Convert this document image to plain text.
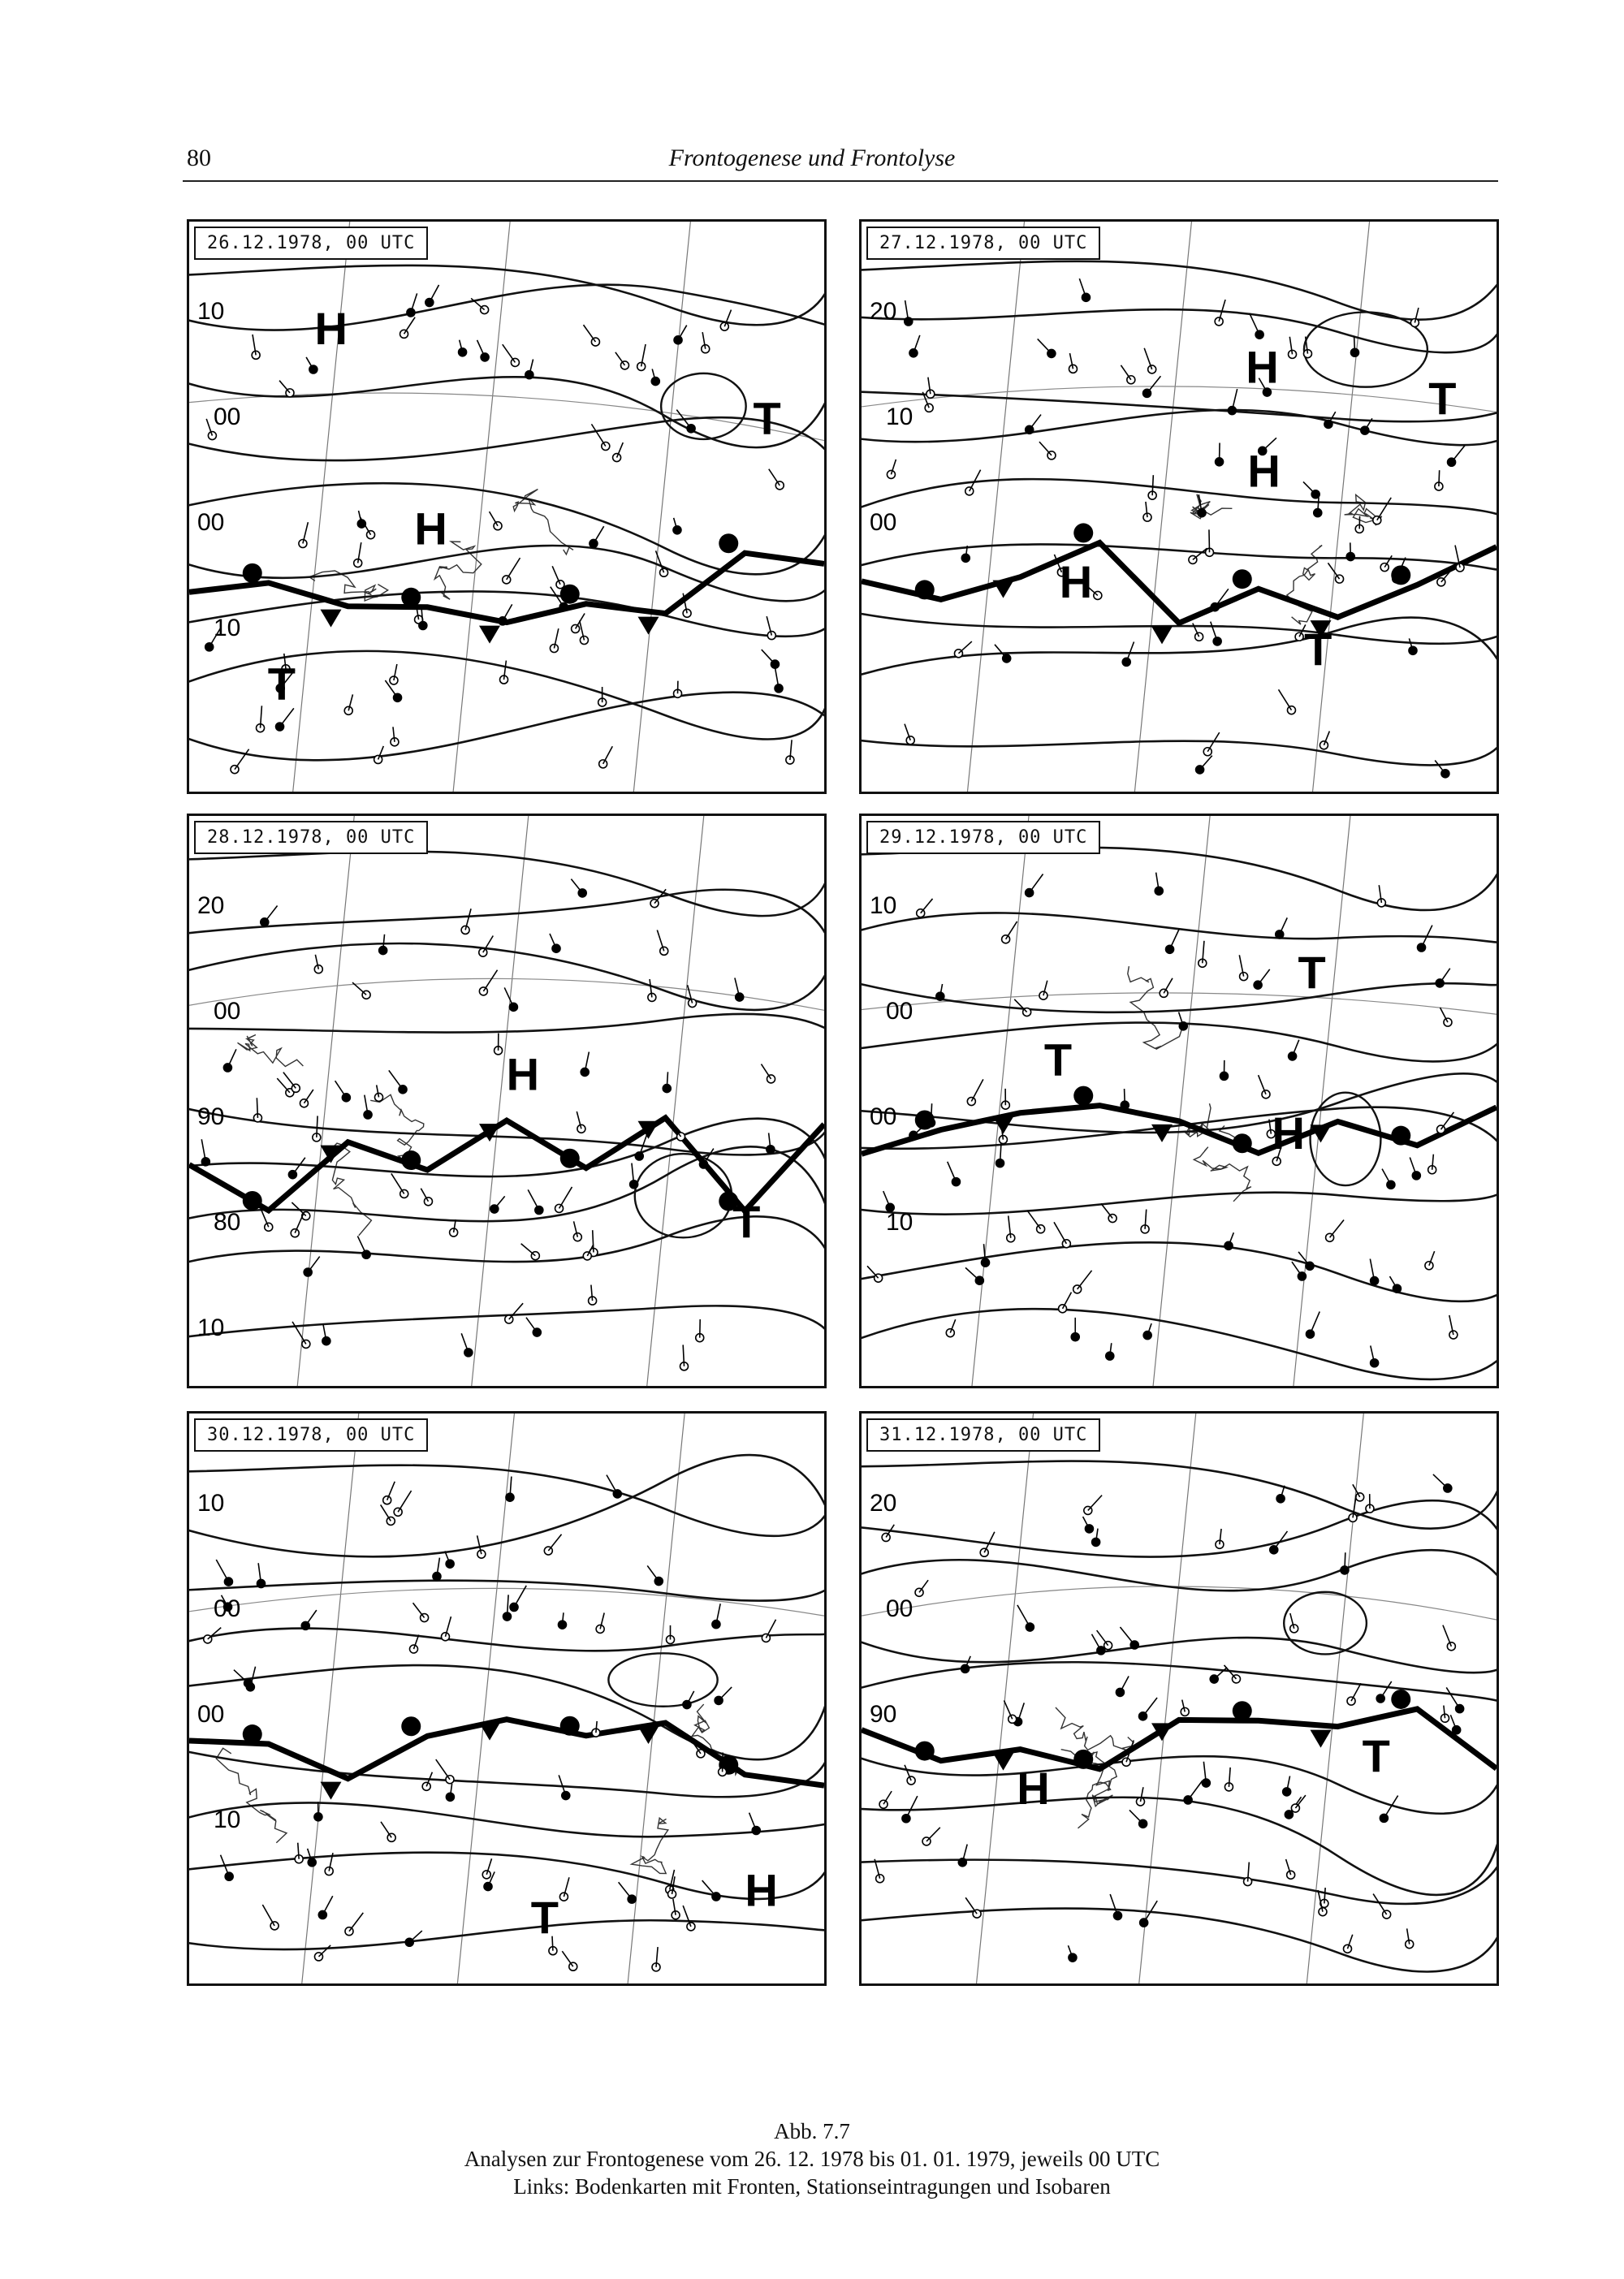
80	Frontogenese und Frontolyse
26.12.1978, 00 UTC
T
H
H
T
10
00
00
10
27.12.1978, 00 UTC
H
H
T
T
H
20
10
00
28.12.1978, 00 UTC
H
T
20
00
90
80
10
29.12.1978, 00 UTC
T
T
H
10
00
00
10
30.12.1978, 00 UTC
H
T
10
00
00
10
31.12.1978, 00 UTC
H
T
20
00
90
Abb. 7.7
Analysen zur Frontogenese vom 26. 12. 1978 bis 01. 01. 1979, jeweils 00 UTC
Links: Bodenkarten mit Fronten, Stationseintragungen und Isobaren
